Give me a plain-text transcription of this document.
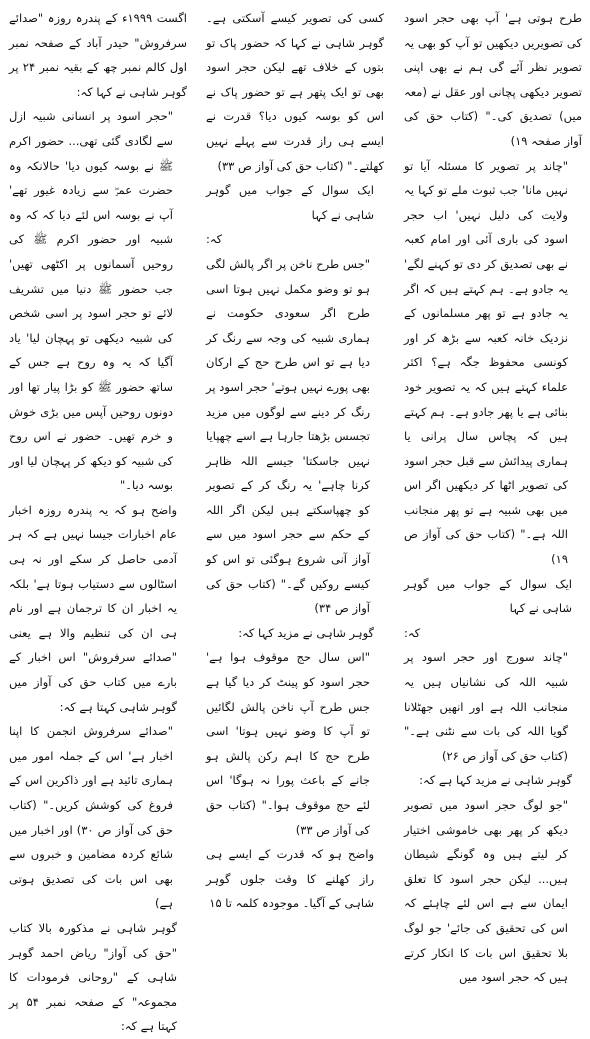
طرح ہوتی ہے' آپ بھی حجر اسود کی تصویریں دیکھیں تو آپ کو بھی یہ تصویر نظر آئے گی ہم نے بھی اپنی تصویر دیکھی پچانی اور عقل نے (معہ میں) تصدیق کی۔" (کتاب حق کی آواز صفحہ ۱۹)

"چاند پر تصویر کا مسئلہ آیا تو نہیں مانا' جب ثبوت ملے تو کہا یہ ولایت کی دلیل نہیں' اب حجر اسود کی باری آئی اور امام کعبہ نے بھی تصدیق کر دی تو کہنے لگے' یہ جادو ہے۔ ہم کہتے ہیں کہ اگر یہ جادو ہے تو پھر مسلمانوں کے نزدیک خانہ کعبہ سے بڑھ کر اور کونسی محفوظ جگہ ہے؟ اکثر علماء کہتے ہیں کہ یہ تصویر خود بنائی ہے یا پھر جادو ہے۔ ہم کہتے ہیں کہ پچاس سال پرانی یا ہماری پیدائش سے قبل حجر اسود کی تصویر اٹھا کر دیکھیں اگر اس میں بھی شبیہ ہے تو پھر منجانب اللہ ہے۔" (کتاب حق کی آواز ص ۱۹)

ایک سوال کے جواب میں گوہر شاہی نے کہا

کہ:

"چاند سورج اور حجر اسود پر شبیہ اللہ کی نشانیاں ہیں یہ منجانب اللہ ہے اور انھیں جھٹلانا گویا اللہ کی بات سے نٹنی ہے۔" (کتاب حق کی آواز ص ۲۶)

گوہر شاہی نے مزید کہا ہے کہ:

"جو لوگ حجر اسود میں تصویر دیکھ کر پھر بھی خاموشی اختیار کر لیتے ہیں وہ گونگے شیطان ہیں... لیکن حجر اسود کا تعلق ایمان سے ہے اس لئے چاہئے کہ اس کی تحقیق کی جائے' جو لوگ بلا تحقیق اس بات کا انکار کرتے ہیں کہ حجر اسود میں

کسی کی تصویر کیسے آسکتی ہے۔ گوہر شاہی نے کہا کہ حضور پاک تو بتوں کے خلاف تھے لیکن حجر اسود بھی تو ایک پتھر ہے تو حضور پاک نے اس کو بوسہ کیوں دیا؟ قدرت نے ایسے ہی راز قدرت سے پہلے نہیں کھلتے۔" (کتاب حق کی آواز ص ۳۳)

ایک سوال کے جواب میں گوہر شاہی نے کہا

کہ:

"جس طرح ناخن پر اگر پالش لگی ہو تو وضو مکمل نہیں ہوتا اسی طرح اگر سعودی حکومت نے ہماری شبیہ کی وجہ سے رنگ کر دیا ہے تو اس طرح حج کے ارکان بھی پورے نہیں ہوتے' حجر اسود پر رنگ کر دینے سے لوگوں میں مزید تجسس بڑھتا جارہا ہے اسے چھپایا نہیں جاسکتا' جیسے اللہ ظاہر کرنا چاہے' یہ رنگ کر کے تصویر کو چھپاسکتے ہیں لیکن اگر اللہ کے حکم سے حجر اسود میں سے آواز آنی شروع ہوگئی تو اس کو کیسے روکیں گے۔" (کتاب حق کی آواز ص ۳۴)

گوہر شاہی نے مزید کہا کہ:

"اس سال حج موقوف ہوا ہے' حجر اسود کو پینٹ کر دیا گیا ہے جس طرح آپ ناخن پالش لگائیں تو آپ کا وضو نہیں ہوتا' اسی طرح حج کا اہم رکن پالش ہو جانے کے باعث پورا نہ ہوگا' اس لئے حج موقوف ہوا۔" (کتاب حق کی آواز ص ۳۳)

واضح ہو کہ قدرت کے ایسے ہی راز کھلنے کا وقت جلوں گوہر شاہی کے آگیا۔ موجودہ کلمہ تا ۱۵

اگست ۱۹۹۹ء کے پندرہ روزہ "صدائے سرفروش" حیدر آباد کے صفحہ نمبر اول کالم نمبر چھ کے بقیہ نمبر ۲۴ پر گوہر شاہی نے کہا کہ:

"حجر اسود پر انسانی شبیہ ازل سے لگادی گئی تھی... حضور اکرم ﷺ نے بوسہ کیوں دیا' حالانکہ وہ حضرت عمرؓ سے زیادہ غیور تھے' آپ نے بوسہ اس لئے دیا کہ کہ وہ شبیہ اور حضور اکرم ﷺ کی روحیں آسمانوں پر اکٹھی تھیں' جب حضور ﷺ دنیا میں تشریف لائے تو حجر اسود پر اسی شخص کی شبیہ دیکھی تو پہچان لیا' یاد آگیا کہ یہ وہ روح ہے جس کے ساتھ حضور ﷺ کو بڑا پیار تھا اور دونوں روحیں آپس میں بڑی خوش و خرم تھیں۔ حضور نے اس روح کی شبیہ کو دیکھ کر پہچان لیا اور بوسہ دیا۔"

واضح ہو کہ یہ پندرہ روزہ اخبار عام اخبارات جیسا نہیں ہے کہ ہر آدمی حاصل کر سکے اور نہ ہی اسٹالوں سے دستیاب ہوتا ہے' بلکہ یہ اخبار ان کا ترجمان ہے اور نام ہی ان کی تنظیم والا ہے یعنی "صدائے سرفروش" اس اخبار کے بارے میں کتاب حق کی آواز میں گوہر شاہی کہتا ہے کہ:

"صدائے سرفروش انجمن کا اپنا اخبار ہے' اس کے جملہ امور میں ہماری تائید ہے اور ذاکرین اس کے فروغ کی کوشش کریں۔" (کتاب حق کی آواز ص ۳۰) اور اخبار میں شائع کردہ مضامین و خبروں سے بھی اس بات کی تصدیق ہوتی ہے)

گوہر شاہی نے مذکورہ بالا کتاب "حق کی آواز" ریاض احمد گوہر شاہی کے "روحانی فرمودات کا مجموعہ" کے صفحہ نمبر ۵۴ پر کہتا ہے کہ:
